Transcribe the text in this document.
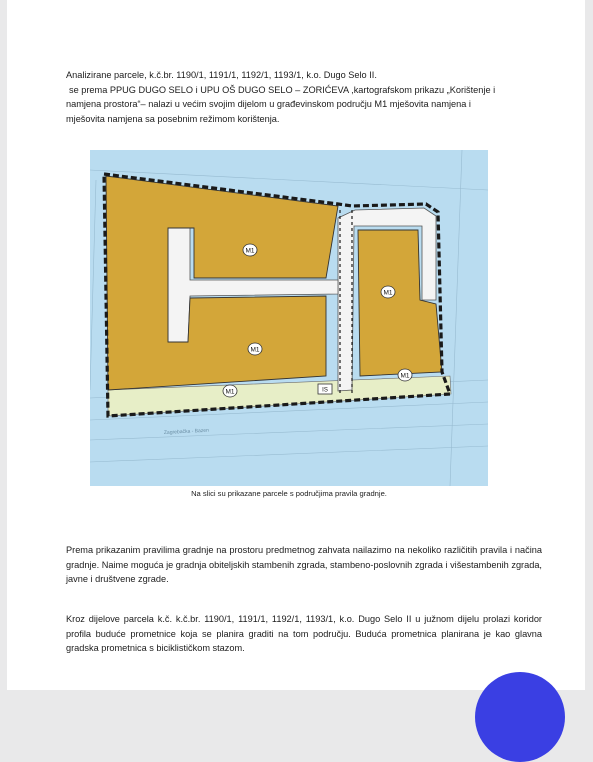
Analizirane parcele, k.č.br. 1190/1, 1191/1, 1192/1, 1193/1, k.o. Dugo Selo II.

se prema PPUG DUGO SELO i UPU OŠ DUGO SELO – ZORIĆEVA ,kartografskom prikazu „Korištenje i

namjena prostora“– nalazi u većim svojim dijelom u građevinskom području M1 mješovita namjena i

mješovita namjena sa posebnim režimom korištenja.

M1
M1
M1
M1
M1
IS
Zagrebačka - Bazen
Na slici su prikazane parcele s područjima pravila gradnje.
Prema prikazanim pravilima gradnje na prostoru predmetnog zahvata nailazimo na nekoliko različitih pravila i načina gradnje. Naime moguća je gradnja obiteljskih stambenih zgrada, stambeno-poslovnih zgrada i višestambenih zgrada, javne i društvene zgrade.
Kroz dijelove parcela k.č. k.č.br. 1190/1, 1191/1, 1192/1, 1193/1, k.o. Dugo Selo II u južnom dijelu prolazi koridor profila buduće prometnice koja se planira graditi na tom području. Buduća prometnica planirana je kao glavna gradska prometnica s biciklističkom stazom.
